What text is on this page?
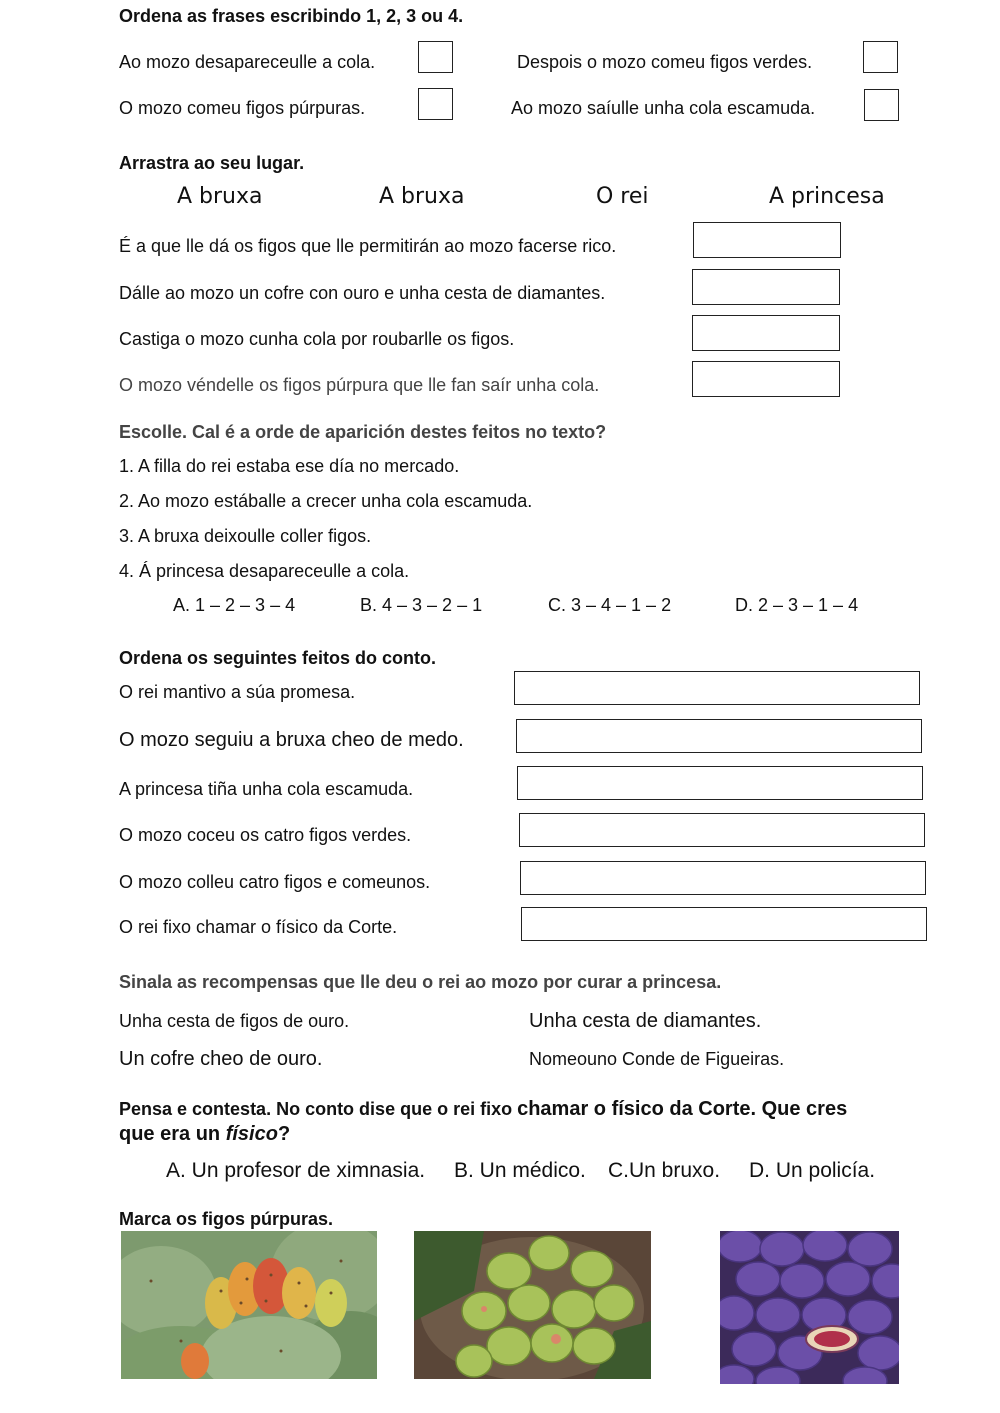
Ordena as frases escribindo 1, 2, 3 ou 4.
Ao mozo desapareceulle a cola.	Despois o mozo comeu figos verdes.
O mozo comeu figos púrpuras.	Ao mozo saíulle unha cola escamuda.
Arrastra ao seu lugar.
A bruxa	A bruxa	O rei	A princesa
É a que lle dá os figos que lle permitirán ao mozo facerse rico.
Dálle ao mozo un cofre con ouro e unha cesta de diamantes.
Castiga o mozo cunha cola por roubarlle os figos.
O mozo véndelle os figos púrpura que lle fan saír unha cola.
Escolle. Cal é a orde de aparición destes feitos no texto?
1. A filla do rei estaba ese día no mercado.
2. Ao mozo estáballe a crecer unha cola escamuda.
3. A bruxa deixoulle coller figos.
4. Á princesa desapareceulle a cola.
A. 1 – 2 – 3 – 4	B. 4 – 3 – 2 – 1	C. 3 – 4 – 1 – 2	D. 2 – 3 – 1 – 4
Ordena os seguintes feitos do conto.
O rei mantivo a súa promesa.
O mozo seguiu a bruxa cheo de medo.
A princesa tiña unha cola escamuda.
O mozo coceu os catro figos verdes.
O mozo colleu catro figos e comeunos.
O rei fixo chamar o físico da Corte.
Sinala as recompensas que lle deu o rei ao mozo por curar a princesa.
Unha cesta de figos de ouro.	Unha cesta de diamantes.
Un cofre cheo de ouro.	Nomeouno Conde de Figueiras.
Pensa e contesta. No conto dise que o rei fixo chamar o físico da Corte. Que cres
que era un físico?
A. Un profesor de ximnasia. B. Un médico. C.Un bruxo. D. Un policía.
Marca os figos púrpuras.
